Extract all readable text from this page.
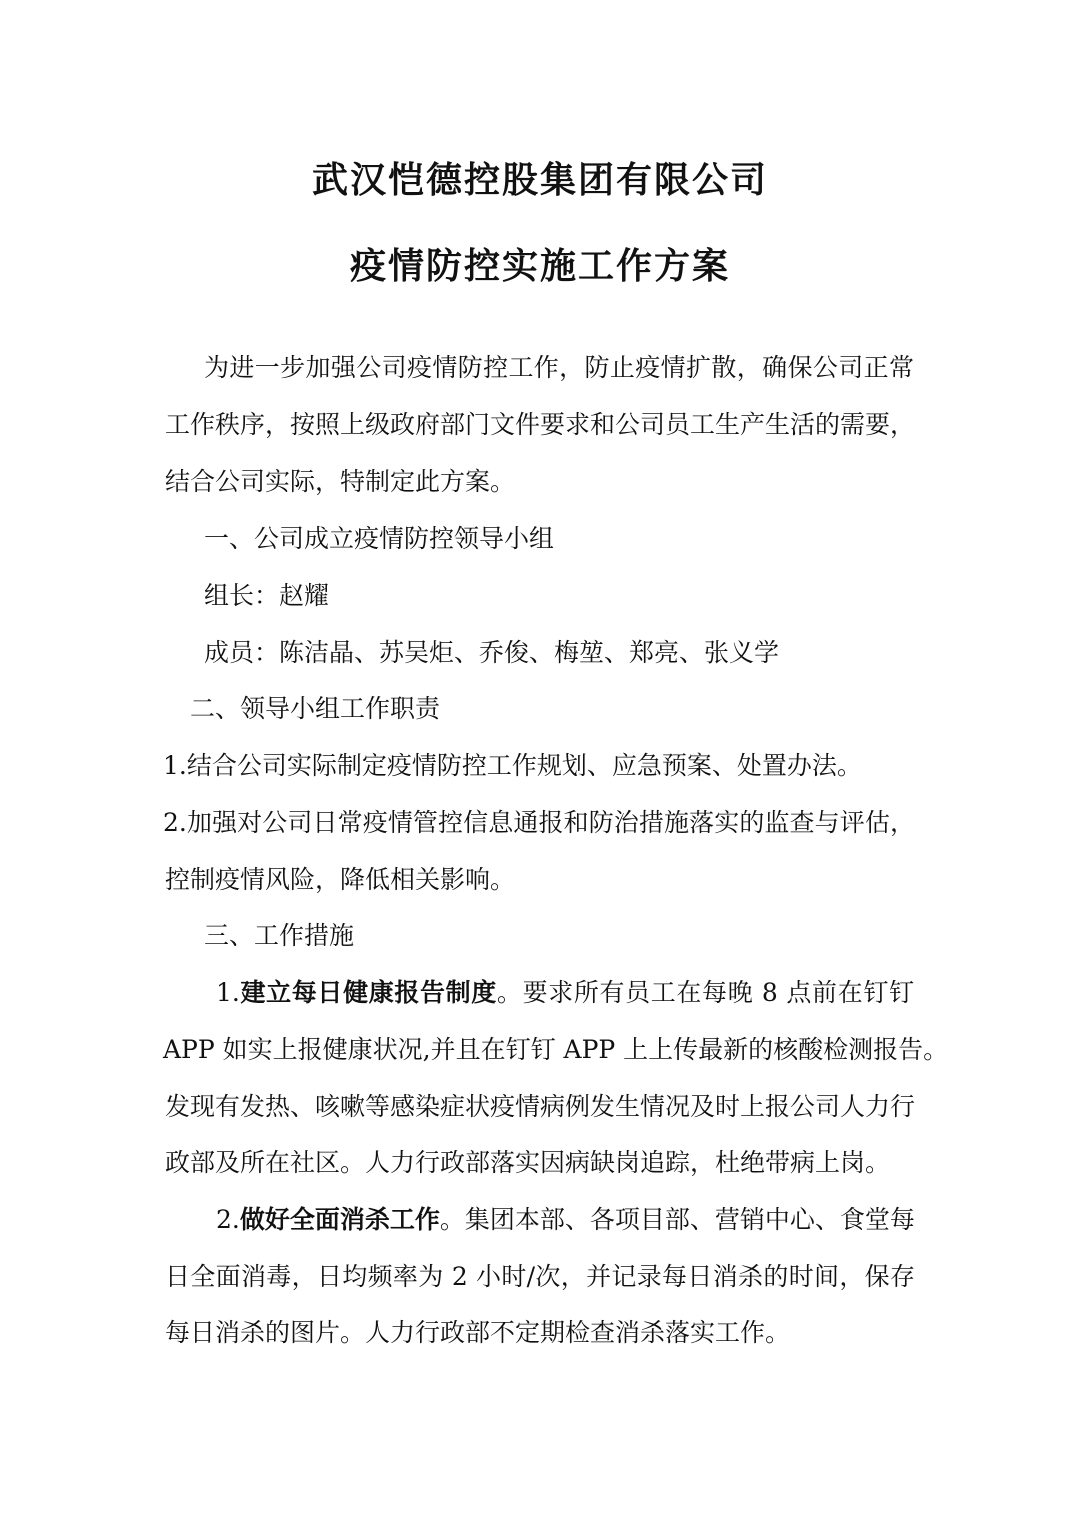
武汉恺德控股集团有限公司
疫情防控实施工作方案

为进一步加强公司疫情防控工作，防止疫情扩散，确保公司正常

工作秩序，按照上级政府部门文件要求和公司员工生产生活的需要，

结合公司实际，特制定此方案。

一、公司成立疫情防控领导小组

组长：赵耀

成员：陈洁晶、苏吴炬、乔俊、梅堃、郑亮、张义学

二、领导小组工作职责

1.结合公司实际制定疫情防控工作规划、应急预案、处置办法。

2.加强对公司日常疫情管控信息通报和防治措施落实的监查与评估，

控制疫情风险，降低相关影响。

三、工作措施

1.建立每日健康报告制度。要求所有员工在每晚 8 点前在钉钉

APP 如实上报健康状况,并且在钉钉 APP 上上传最新的核酸检测报告。

发现有发热、咳嗽等感染症状疫情病例发生情况及时上报公司人力行

政部及所在社区。人力行政部落实因病缺岗追踪，杜绝带病上岗。

2.做好全面消杀工作。集团本部、各项目部、营销中心、食堂每

日全面消毒，日均频率为 2 小时/次，并记录每日消杀的时间，保存

每日消杀的图片。人力行政部不定期检查消杀落实工作。
